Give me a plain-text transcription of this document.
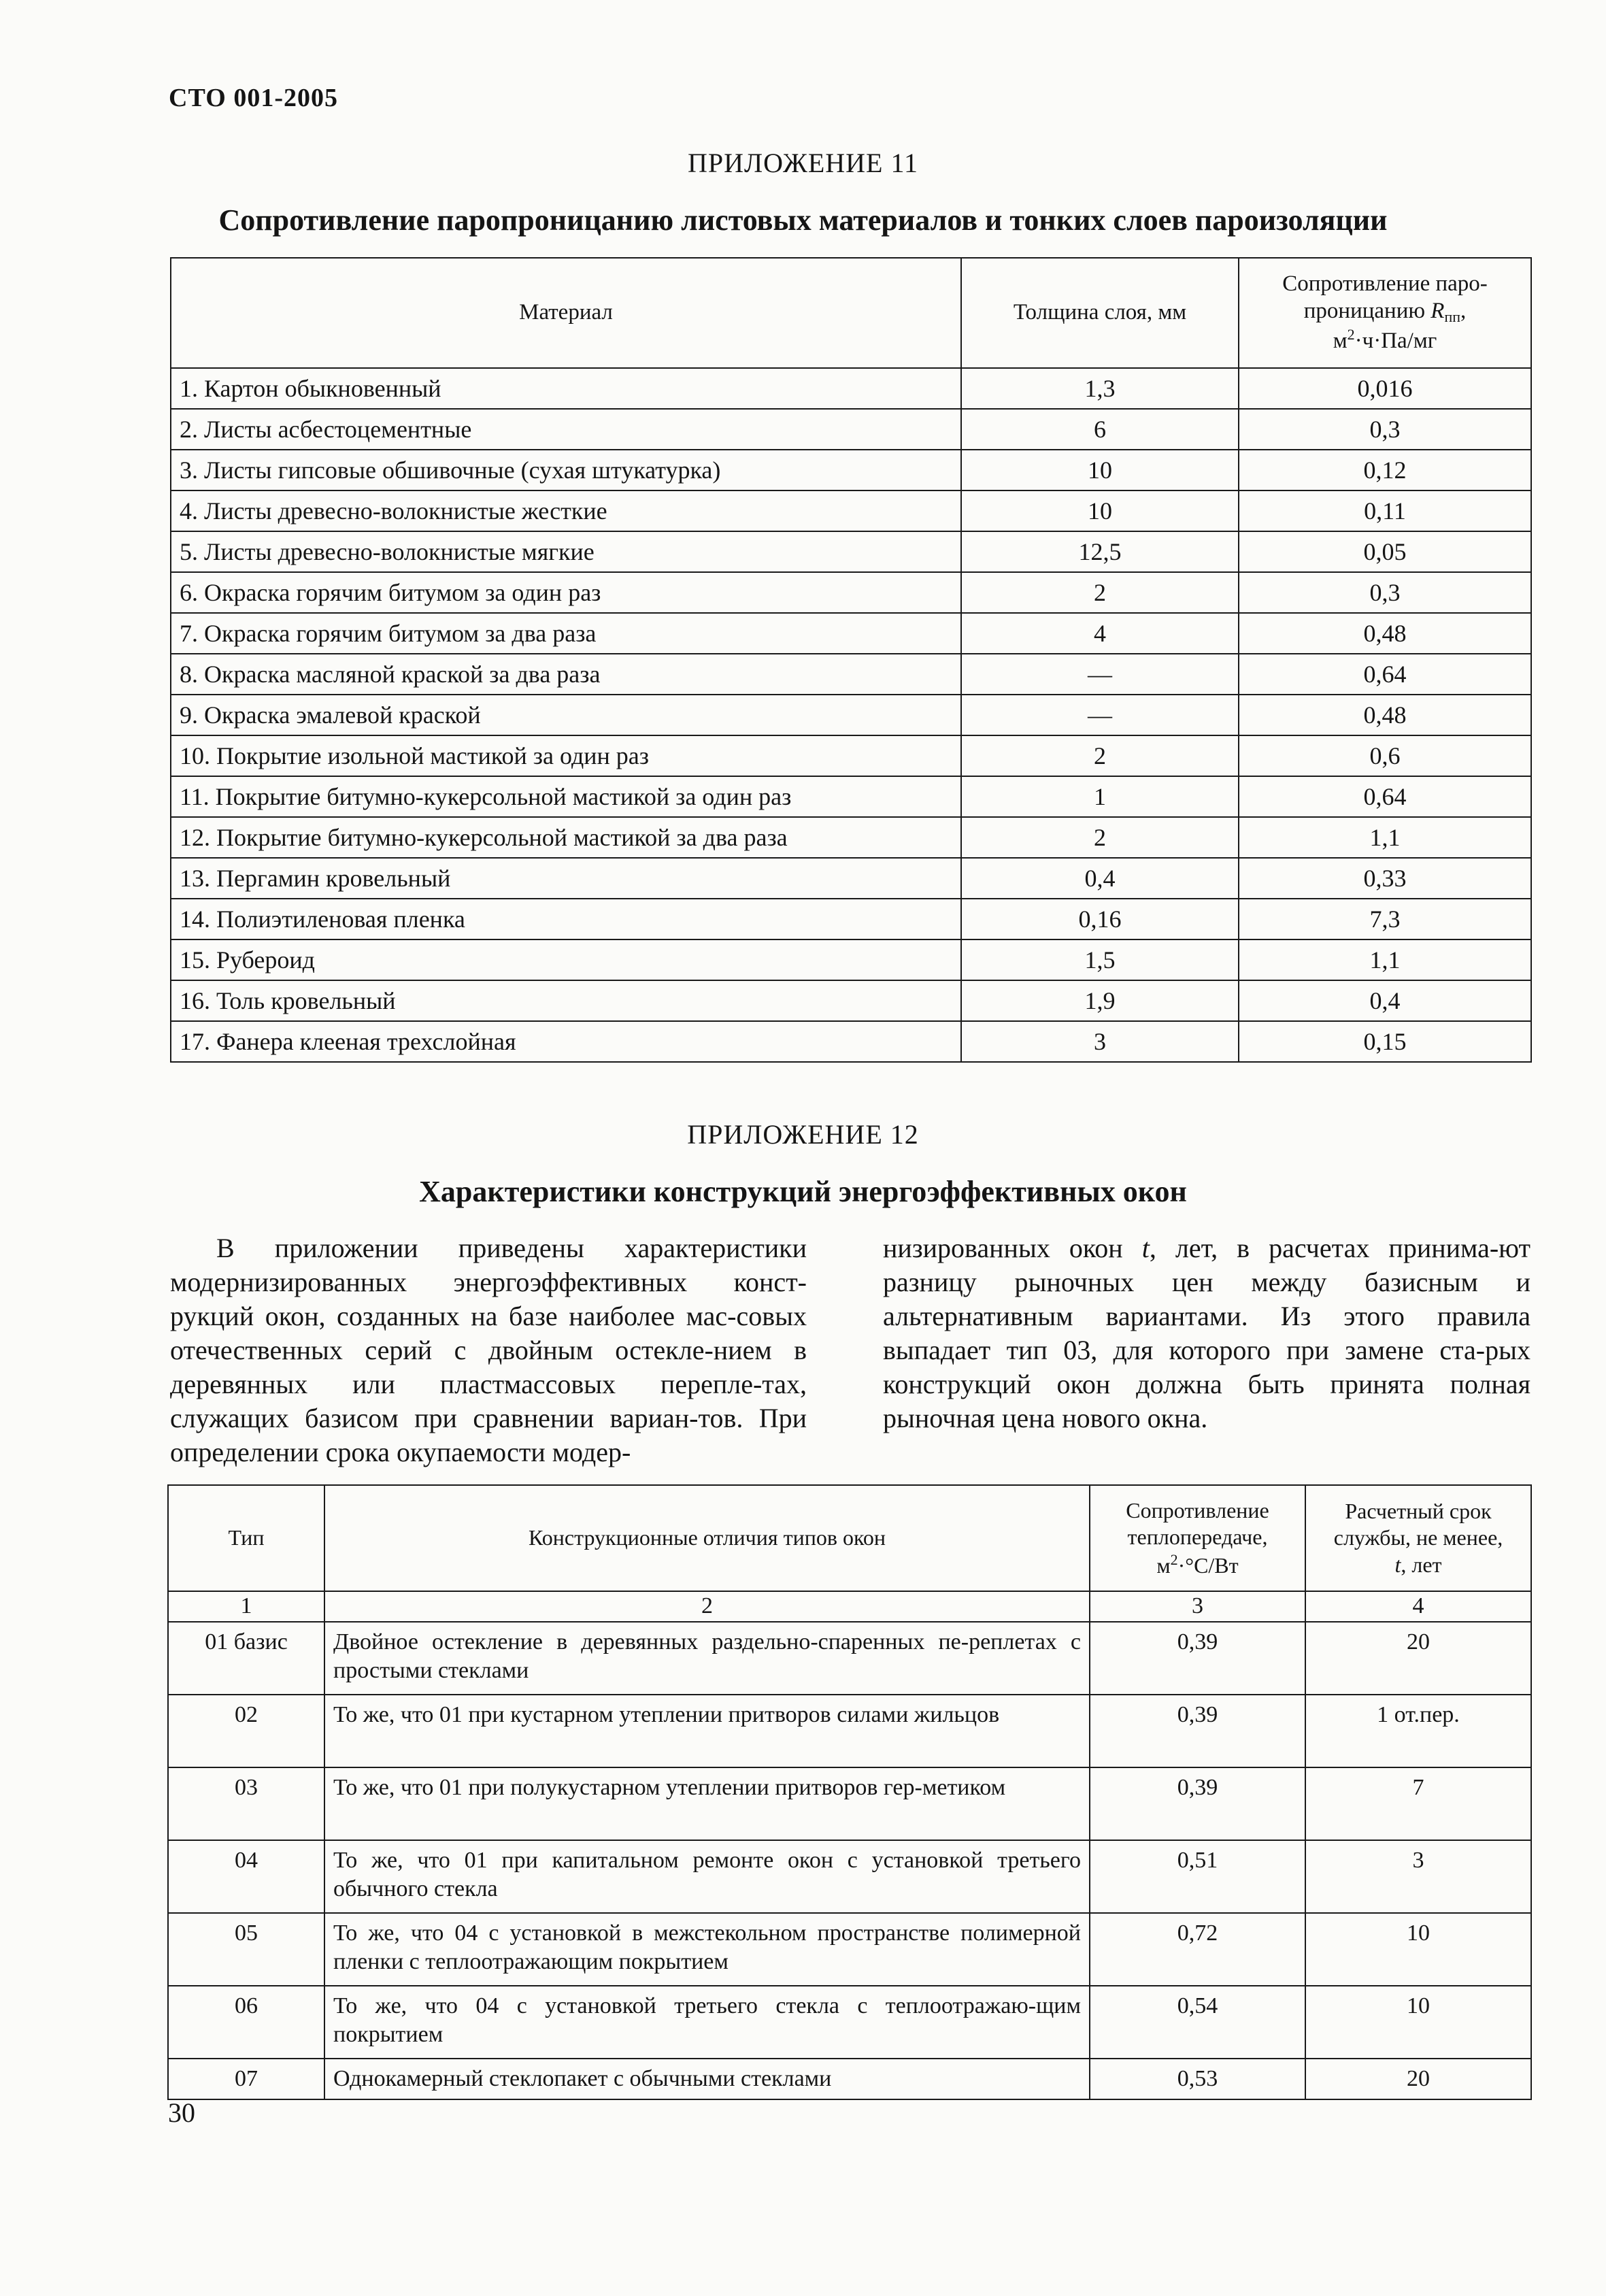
СТО 001-2005
ПРИЛОЖЕНИЕ 11
Сопротивление паропроницанию листовых материалов и тонких слоев пароизоляции
Материал	Толщина слоя, мм	Сопротивление паро-
проницанию $R_{пп}$,
$м^2\cdot ч\cdot Па/мг$
1. Картон обыкновенный	1,3	0,016
2. Листы асбестоцементные	6	0,3
3. Листы гипсовые обшивочные (сухая штукатурка)	10	0,12
4. Листы древесно-волокнистые жесткие	10	0,11
5. Листы древесно-волокнистые мягкие	12,5	0,05
6. Окраска горячим битумом за один раз	2	0,3
7. Окраска горячим битумом за два раза	4	0,48
8. Окраска масляной краской за два раза	—	0,64
9. Окраска эмалевой краской	—	0,48
10. Покрытие изольной мастикой за один раз	2	0,6
11. Покрытие битумно-кукерсольной мастикой за один раз	1	0,64
12. Покрытие битумно-кукерсольной мастикой за два раза	2	1,1
13. Пергамин кровельный	0,4	0,33
14. Полиэтиленовая пленка	0,16	7,3
15. Рубероид	1,5	1,1
16. Толь кровельный	1,9	0,4
17. Фанера клееная трехслойная	3	0,15
ПРИЛОЖЕНИЕ 12
Характеристики конструкций энергоэффективных окон
В приложении приведены характеристики модернизированных энергоэффективных конст-рукций окон, созданных на базе наиболее мас-совых отечественных серий с двойным остекле-нием в деревянных или пластмассовых перепле-тах, служащих базисом при сравнении вариан-тов. При определении срока окупаемости модер-
низированных окон t, лет, в расчетах принима-ют разницу рыночных цен между базисным и альтернативным вариантами. Из этого правила выпадает тип 03, для которого при замене ста-рых конструкций окон должна быть принята полная рыночная цена нового окна.
Тип	Конструкционные отличия типов окон	Сопротивление
теплопередаче,
$м^2\cdot^\circ С/Вт$	Расчетный срок
службы, не менее,
t, лет
1	2	3	4
01 базис	Двойное остекление в деревянных раздельно-спаренных пе-реплетах с простыми стеклами	0,39	20
02	То же, что 01 при кустарном утеплении притворов силами жильцов	0,39	1 от.пер.
03	То же, что 01 при полукустарном утеплении притворов гер-метиком	0,39	7
04	То же, что 01 при капитальном ремонте окон с установкой третьего обычного стекла	0,51	3
05	То же, что 04 с установкой в межстекольном пространстве полимерной пленки с теплоотражающим покрытием	0,72	10
06	То же, что 04 с установкой третьего стекла с теплоотражаю-щим покрытием	0,54	10
07	Однокамерный стеклопакет с обычными стеклами	0,53	20
30
